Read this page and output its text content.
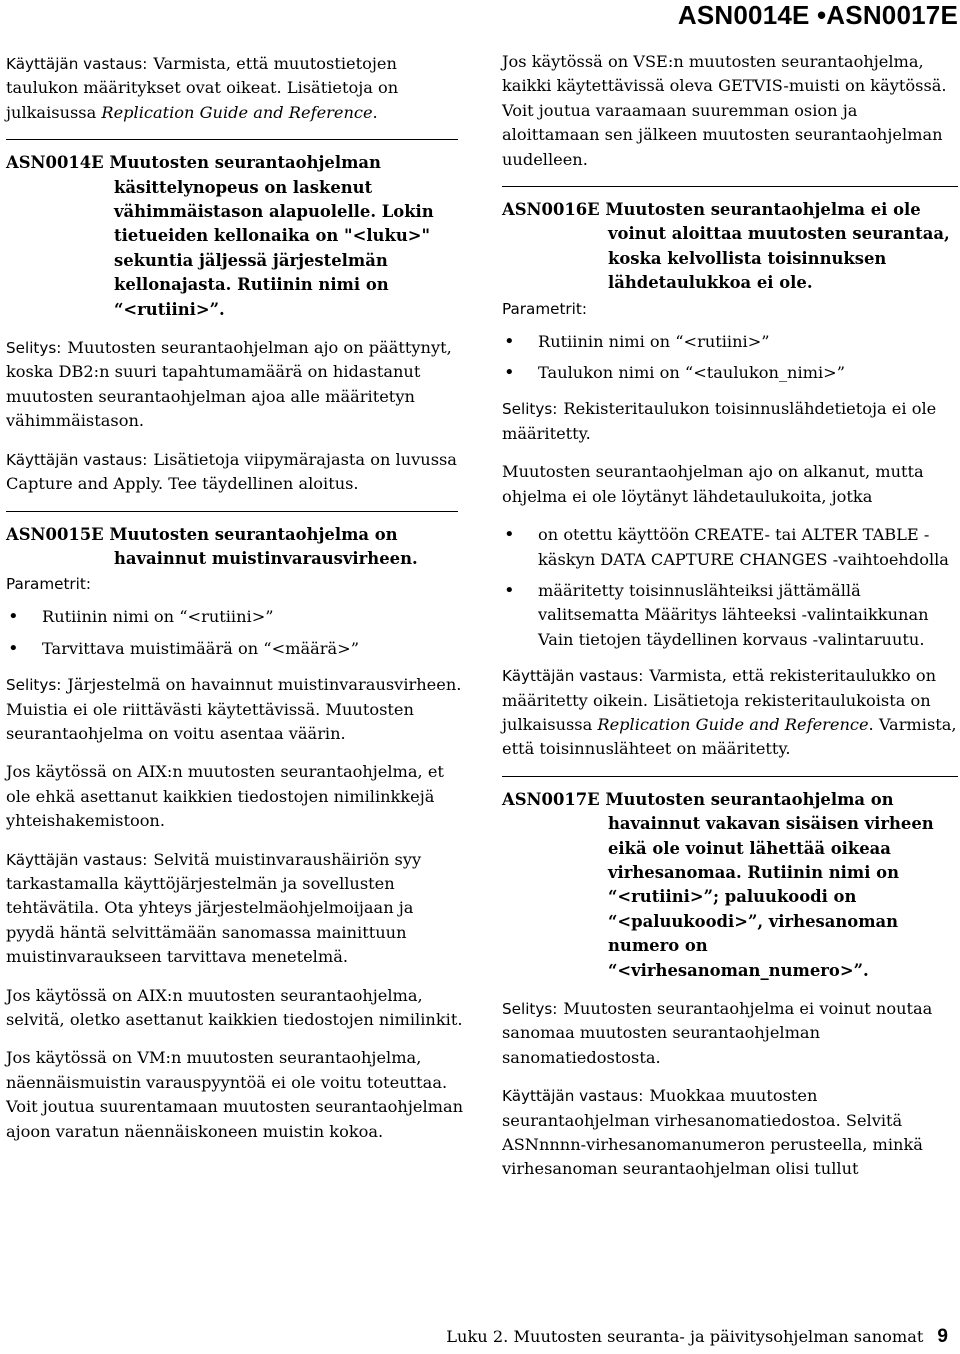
ASN0014E •ASN0017E

Käyttäjän vastaus: Varmista, että muutostietojen taulukon määritykset ovat oikeat. Lisätietoja on julkaisussa Replication Guide and Reference.

ASN0014E Muutosten seurantaohjelman
käsittelynopeus on laskenut
vähimmäistason alapuolelle. Lokin
tietueiden kellonaika on "<luku>"
sekuntia jäljessä järjestelmän
kellonajasta. Rutiinin nimi on
“<rutiini>”.

Selitys: Muutosten seurantaohjelman ajo on päättynyt, koska DB2:n suuri tapahtumamäärä on hidastanut muutosten seurantaohjelman ajoa alle määritetyn vähimmäistason.

Käyttäjän vastaus: Lisätietoja viipymärajasta on luvussa Capture and Apply. Tee täydellinen aloitus.

ASN0015E Muutosten seurantaohjelma on
havainnut muistinvarausvirheen.
Parametrit:
• Rutiinin nimi on “<rutiini>”
• Tarvittava muistimäärä on “<määrä>”

Selitys: Järjestelmä on havainnut muistinvarausvirheen. Muistia ei ole riittävästi käytettävissä. Muutosten seurantaohjelma on voitu asentaa väärin.

Jos käytössä on AIX:n muutosten seurantaohjelma, et ole ehkä asettanut kaikkien tiedostojen nimilinkkejä yhteishakemistoon.

Käyttäjän vastaus: Selvitä muistinvaraushäiriön syy tarkastamalla käyttöjärjestelmän ja sovellusten tehtävätila. Ota yhteys järjestelmäohjelmoijaan ja pyydä häntä selvittämään sanomassa mainittuun muistinvaraukseen tarvittava menetelmä.

Jos käytössä on AIX:n muutosten seurantaohjelma, selvitä, oletko asettanut kaikkien tiedostojen nimilinkit.

Jos käytössä on VM:n muutosten seurantaohjelma, näennäismuistin varauspyyntöä ei ole voitu toteuttaa. Voit joutua suurentamaan muutosten seurantaohjelman ajoon varatun näennäiskoneen muistin kokoa.

Jos käytössä on VSE:n muutosten seurantaohjelma, kaikki käytettävissä oleva GETVIS-muisti on käytössä. Voit joutua varaamaan suuremman osion ja aloittamaan sen jälkeen muutosten seurantaohjelman uudelleen.

ASN0016E Muutosten seurantaohjelma ei ole
voinut aloittaa muutosten seurantaa,
koska kelvollista toisinnuksen
lähdetaulukkoa ei ole.
Parametrit:
• Rutiinin nimi on “<rutiini>”
• Taulukon nimi on “<taulukon_nimi>”

Selitys: Rekisteritaulukon toisinnuslähdetietoja ei ole määritetty.

Muutosten seurantaohjelman ajo on alkanut, mutta ohjelma ei ole löytänyt lähdetaulukoita, jotka

• on otettu käyttöön CREATE- tai ALTER TABLE -käskyn DATA CAPTURE CHANGES -vaihtoehdolla
• määritetty toisinnuslähteiksi jättämällä valitsematta Määritys lähteeksi -valintaikkunan Vain tietojen täydellinen korvaus -valintaruutu.

Käyttäjän vastaus: Varmista, että rekisteritaulukko on määritetty oikein. Lisätietoja rekisteritaulukoista on julkaisussa Replication Guide and Reference. Varmista, että toisinnuslähteet on määritetty.

ASN0017E Muutosten seurantaohjelma on
havainnut vakavan sisäisen virheen
eikä ole voinut lähettää oikeaa
virhesanomaa. Rutiinin nimi on
“<rutiini>”; paluukoodi on
“<paluukoodi>”, virhesanoman
numero on
“<virhesanoman_numero>”.

Selitys: Muutosten seurantaohjelma ei voinut noutaa sanomaa muutosten seurantaohjelman sanomatiedostosta.

Käyttäjän vastaus: Muokkaa muutosten seurantaohjelman virhesanomatiedostoa. Selvitä ASNnnnn-virhesanomanumeron perusteella, minkä virhesanoman seurantaohjelman olisi tullut

Luku 2. Muutosten seuranta- ja päivitysohjelman sanomat 9
